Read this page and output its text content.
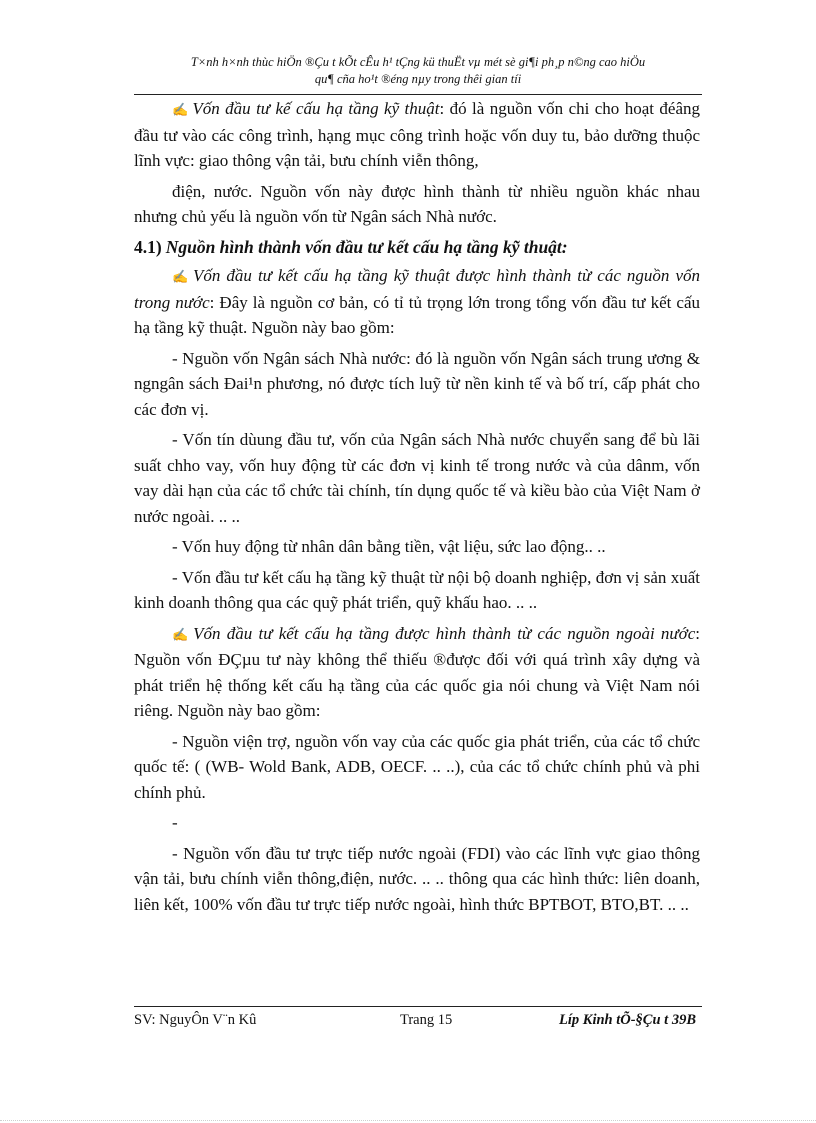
T×nh h×nh thùc hiÖn ®Çu t kÕt cÊu h¹ tÇng kü thuËt vµ mét sè gi¶i ph¸p n©ng cao hiÖu
qu¶ cña ho¹t ®éng nµy trong thêi gian tíi

✍ Vốn đầu tư kế cấu hạ tầng kỹ thuật: đó là nguồn vốn chi cho hoạt đéâng đầu tư vào các công trình, hạng mục công trình hoặc vốn duy tu, bảo dưỡng thuộc lĩnh vực: giao thông vận tải, bưu chính viễn thông,

điện, nước. Nguồn vốn này được hình thành từ nhiều nguồn khác nhau nhưng chủ yếu là nguồn vốn từ Ngân sách Nhà nước.

4.1) Nguồn hình thành vốn đầu tư kết cấu hạ tầng kỹ thuật:

✍ Vốn đầu tư kết cấu hạ tầng kỹ thuật được hình thành từ các nguồn vốn trong nước: Đây là nguồn cơ bản, có tỉ tủ trọng lớn trong tổng vốn đầu tư kết cấu hạ tầng kỹ thuật. Nguồn này bao gồm:

- Nguồn vốn Ngân sách Nhà nước: đó là nguồn vốn Ngân sách trung ương & ngngân sách Đai¹n phương, nó được tích luỹ từ nền kinh tế và bố trí, cấp phát cho các đơn vị.

- Vốn tín dùung đầu tư, vốn của Ngân sách Nhà nước chuyển sang để bù lãi suất chho vay, vốn huy động từ các đơn vị kinh tế trong nước và của dânm, vốn vay dài hạn của các tổ chức tài chính, tín dụng quốc tế và kiều bào của Việt Nam ở nước ngoài. .. ..

- Vốn huy động từ nhân dân bằng tiền, vật liệu, sức lao động.. ..

- Vốn đầu tư kết cấu hạ tầng kỹ thuật từ nội bộ doanh nghiệp, đơn vị sản xuất kinh doanh thông qua các quỹ phát triển, quỹ khấu hao. .. ..

✍ Vốn đầu tư kết cấu hạ tầng được hình thành từ các nguồn ngoài nước: Nguồn vốn ĐÇµu tư này không thể thiếu ®được đối với quá trình xây dựng và phát triển hệ thống kết cấu hạ tầng của các quốc gia nói chung và Việt Nam nói riêng. Nguồn này bao gồm:

- Nguồn viện trợ, nguồn vốn vay của các quốc gia phát triển, của các tổ chức quốc tế: ( (WB- Wold Bank, ADB, OECF. .. ..), của các tổ chức chính phủ và phi chính phủ.

-

- Nguồn vốn đầu tư trực tiếp nước ngoài (FDI) vào các lĩnh vực giao thông vận tải, bưu chính viễn thông,điện, nước. .. .. thông qua các hình thức: liên doanh, liên kết, 100% vốn đầu tư trực tiếp nước ngoài, hình thức BPTBOT, BTO,BT. .. ..

SV: NguyÔn V¨n Kû	Trang 15	Líp Kinh tÕ-§Çu t 39B
